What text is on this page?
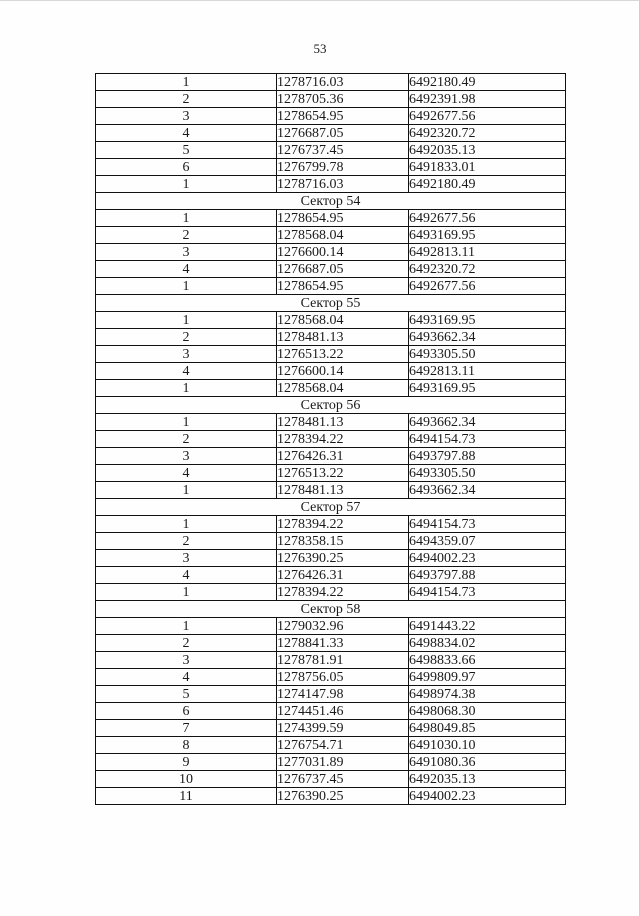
53
1	1278716.03	6492180.49
2	1278705.36	6492391.98
3	1278654.95	6492677.56
4	1276687.05	6492320.72
5	1276737.45	6492035.13
6	1276799.78	6491833.01
1	1278716.03	6492180.49
Сектор 54		
1	1278654.95	6492677.56
2	1278568.04	6493169.95
3	1276600.14	6492813.11
4	1276687.05	6492320.72
1	1278654.95	6492677.56
Сектор 55		
1	1278568.04	6493169.95
2	1278481.13	6493662.34
3	1276513.22	6493305.50
4	1276600.14	6492813.11
1	1278568.04	6493169.95
Сектор 56		
1	1278481.13	6493662.34
2	1278394.22	6494154.73
3	1276426.31	6493797.88
4	1276513.22	6493305.50
1	1278481.13	6493662.34
Сектор 57		
1	1278394.22	6494154.73
2	1278358.15	6494359.07
3	1276390.25	6494002.23
4	1276426.31	6493797.88
1	1278394.22	6494154.73
Сектор 58		
1	1279032.96	6491443.22
2	1278841.33	6498834.02
3	1278781.91	6498833.66
4	1278756.05	6499809.97
5	1274147.98	6498974.38
6	1274451.46	6498068.30
7	1274399.59	6498049.85
8	1276754.71	6491030.10
9	1277031.89	6491080.36
10	1276737.45	6492035.13
11	1276390.25	6494002.23
